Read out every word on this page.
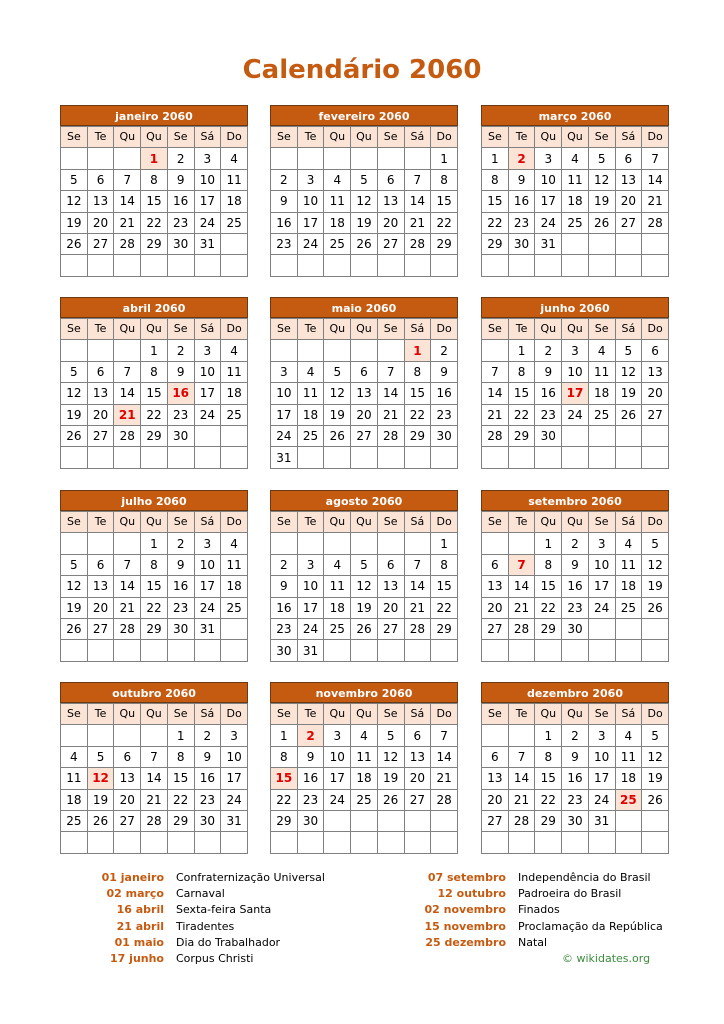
Calendário 2060
janeiro 2060
Se	Te	Qu	Qu	Se	Sá	Do
			1	2	3	4
5	6	7	8	9	10	11
12	13	14	15	16	17	18
19	20	21	22	23	24	25
26	27	28	29	30	31	

fevereiro 2060
Se	Te	Qu	Qu	Se	Sá	Do
						1
2	3	4	5	6	7	8
9	10	11	12	13	14	15
16	17	18	19	20	21	22
23	24	25	26	27	28	29

março 2060
Se	Te	Qu	Qu	Se	Sá	Do
1	2	3	4	5	6	7
8	9	10	11	12	13	14
15	16	17	18	19	20	21
22	23	24	25	26	27	28
29	30	31				

abril 2060
Se	Te	Qu	Qu	Se	Sá	Do
			1	2	3	4
5	6	7	8	9	10	11
12	13	14	15	16	17	18
19	20	21	22	23	24	25
26	27	28	29	30		

maio 2060
Se	Te	Qu	Qu	Se	Sá	Do
					1	2
3	4	5	6	7	8	9
10	11	12	13	14	15	16
17	18	19	20	21	22	23
24	25	26	27	28	29	30
31						
junho 2060
Se	Te	Qu	Qu	Se	Sá	Do
	1	2	3	4	5	6
7	8	9	10	11	12	13
14	15	16	17	18	19	20
21	22	23	24	25	26	27
28	29	30				

julho 2060
Se	Te	Qu	Qu	Se	Sá	Do
			1	2	3	4
5	6	7	8	9	10	11
12	13	14	15	16	17	18
19	20	21	22	23	24	25
26	27	28	29	30	31	

agosto 2060
Se	Te	Qu	Qu	Se	Sá	Do
						1
2	3	4	5	6	7	8
9	10	11	12	13	14	15
16	17	18	19	20	21	22
23	24	25	26	27	28	29
30	31					
setembro 2060
Se	Te	Qu	Qu	Se	Sá	Do
		1	2	3	4	5
6	7	8	9	10	11	12
13	14	15	16	17	18	19
20	21	22	23	24	25	26
27	28	29	30			

outubro 2060
Se	Te	Qu	Qu	Se	Sá	Do
				1	2	3
4	5	6	7	8	9	10
11	12	13	14	15	16	17
18	19	20	21	22	23	24
25	26	27	28	29	30	31

novembro 2060
Se	Te	Qu	Qu	Se	Sá	Do
1	2	3	4	5	6	7
8	9	10	11	12	13	14
15	16	17	18	19	20	21
22	23	24	25	26	27	28
29	30					

dezembro 2060
Se	Te	Qu	Qu	Se	Sá	Do
		1	2	3	4	5
6	7	8	9	10	11	12
13	14	15	16	17	18	19
20	21	22	23	24	25	26
27	28	29	30	31		

01 janeiro	Confraternização Universal
02 março	Carnaval
16 abril	Sexta-feira Santa
21 abril	Tiradentes
01 maio	Dia do Trabalhador
17 junho	Corpus Christi
07 setembro	Independência do Brasil
12 outubro	Padroeira do Brasil
02 novembro	Finados
15 novembro	Proclamação da República
25 dezembro	Natal
© wikidates.org
